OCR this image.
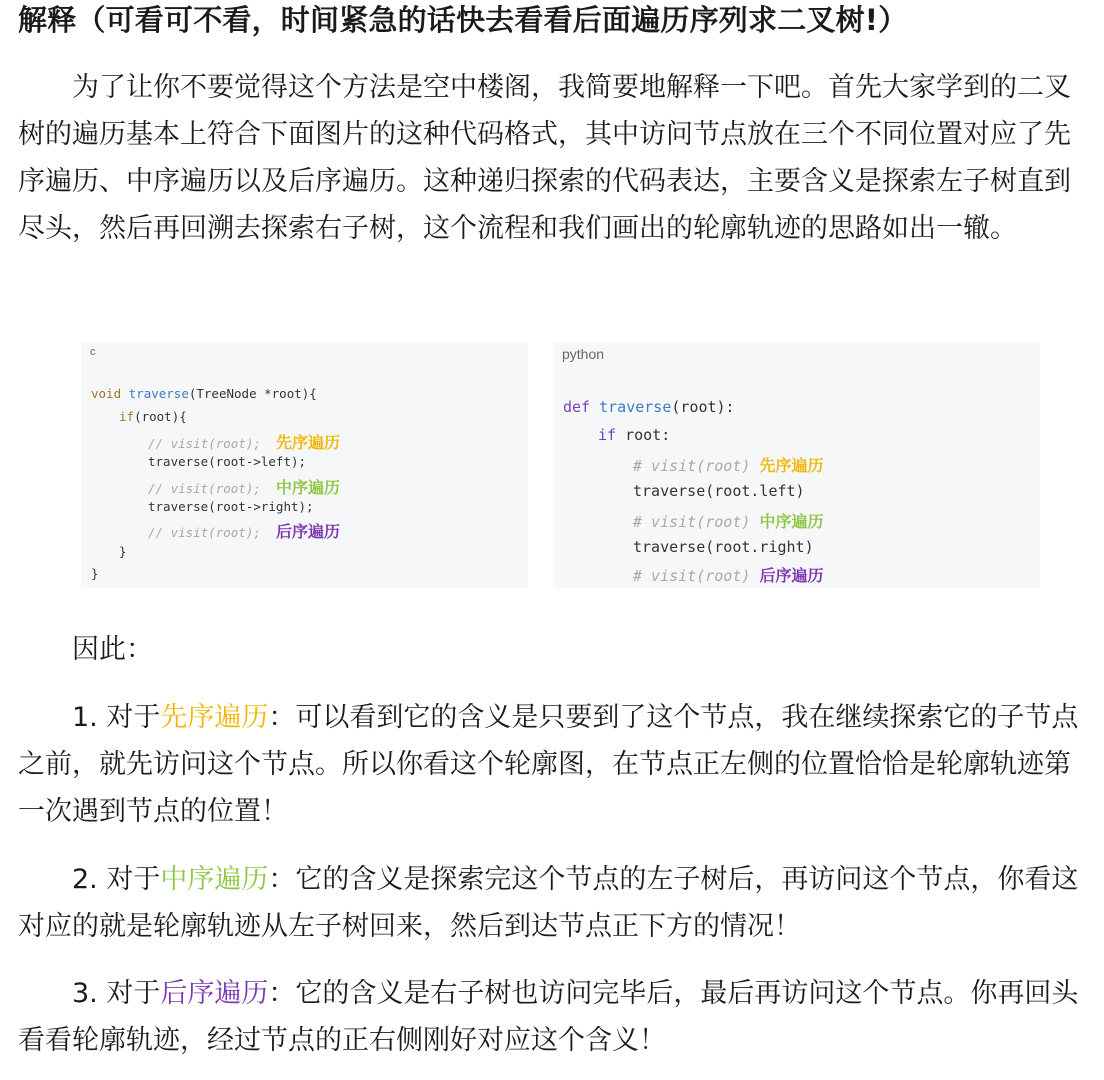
解释（可看可不看，时间紧急的话快去看看后面遍历序列求二叉树!）

为了让你不要觉得这个方法是空中楼阁，我简要地解释一下吧。首先大家学到的二叉树的遍历基本上符合下面图片的这种代码格式，其中访问节点放在三个不同位置对应了先序遍历、中序遍历以及后序遍历。这种递归探索的代码表达，主要含义是探索左子树直到尽头，然后再回溯去探索右子树，这个流程和我们画出的轮廓轨迹的思路如出一辙。

c
void traverse(TreeNode *root){
if(root){
// visit(root); 先序遍历
traverse(root->left);
// visit(root); 中序遍历
traverse(root->right);
// visit(root); 后序遍历
}
}
python
def traverse(root):
if root:
# visit(root) 先序遍历
traverse(root.left)
# visit(root) 中序遍历
traverse(root.right)
# visit(root) 后序遍历

因此：

1. 对于先序遍历：可以看到它的含义是只要到了这个节点，我在继续探索它的子节点之前，就先访问这个节点。所以你看这个轮廓图，在节点正左侧的位置恰恰是轮廓轨迹第一次遇到节点的位置！

2. 对于中序遍历：它的含义是探索完这个节点的左子树后，再访问这个节点，你看这对应的就是轮廓轨迹从左子树回来，然后到达节点正下方的情况！

3. 对于后序遍历：它的含义是右子树也访问完毕后，最后再访问这个节点。你再回头看看轮廓轨迹，经过节点的正右侧刚好对应这个含义！
